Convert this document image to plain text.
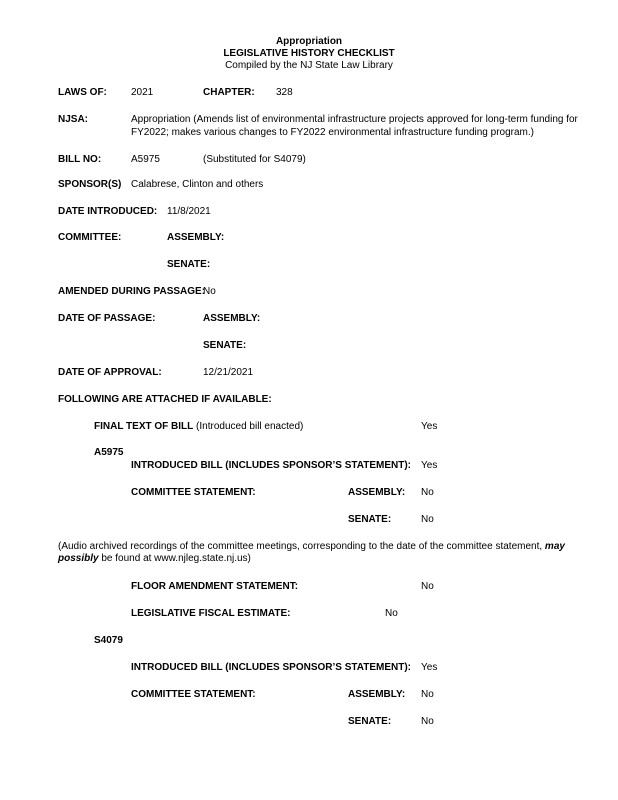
Appropriation
LEGISLATIVE HISTORY CHECKLIST
Compiled by the NJ State Law Library
LAWS OF: 2021	CHAPTER: 328
NJSA:	Appropriation (Amends list of environmental infrastructure projects approved for long-term funding for
FY2022; makes various changes to FY2022 environmental infrastructure funding program.)
BILL NO:	A5975	(Substituted for S4079)
SPONSOR(S) Calabrese, Clinton and others
DATE INTRODUCED: 11/8/2021
COMMITTEE:	ASSEMBLY:
SENATE:
AMENDED DURING PASSAGE:
No
DATE OF PASSAGE:	ASSEMBLY:
SENATE:
DATE OF APPROVAL:	12/21/2021
FOLLOWING ARE ATTACHED IF AVAILABLE:
FINAL TEXT OF BILL (Introduced bill enacted)	Yes
A5975
INTRODUCED BILL (INCLUDES SPONSOR’S STATEMENT): Yes
COMMITTEE STATEMENT:	ASSEMBLY: No
SENATE:	No
(Audio archived recordings of the committee meetings, corresponding to the date of the committee statement, may possibly be found at www.njleg.state.nj.us)
FLOOR AMENDMENT STATEMENT:	No
LEGISLATIVE FISCAL ESTIMATE:	No
S4079
INTRODUCED BILL (INCLUDES SPONSOR’S STATEMENT): Yes
COMMITTEE STATEMENT:	ASSEMBLY: No
SENATE:	No
